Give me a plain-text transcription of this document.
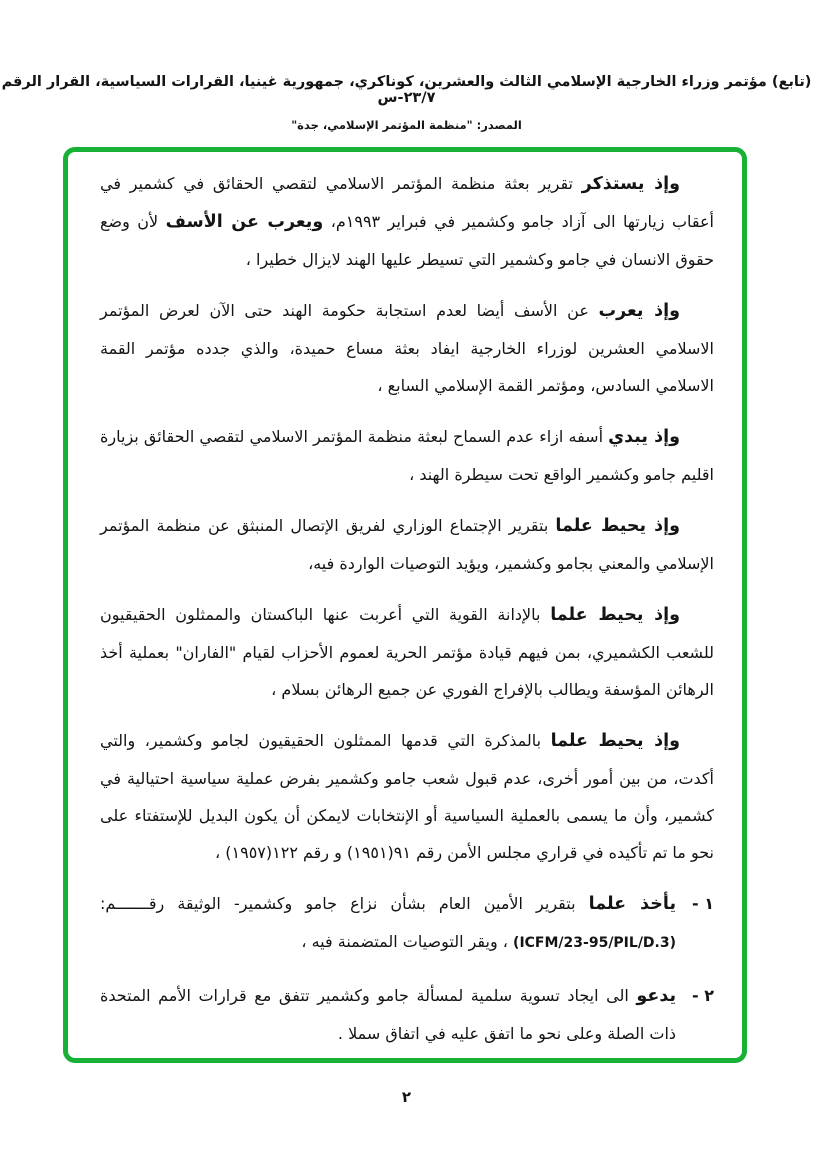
(تابع) مؤتمر وزراء الخارجية الإسلامي الثالث والعشرين، كوناكري، جمهورية غينيا، القرارات السياسية، القرار الرقم ٢٣/٧-س
المصدر: "منظمة المؤتمر الإسلامي، جدة"

وإذ يستذكر تقرير بعثة منظمة المؤتمر الاسلامي لتقصي الحقائق في كشمير في أعقاب زيارتها الى آزاد جامو وكشمير في فبراير ١٩٩٣م، ويعرب عن الأسف لأن وضع حقوق الانسان في جامو وكشمير التي تسيطر عليها الهند لايزال خطيرا ،

وإذ يعرب عن الأسف أيضا لعدم استجابة حكومة الهند حتى الآن لعرض المؤتمر الاسلامي العشرين لوزراء الخارجية ايفاد بعثة مساع حميدة، والذي جدده مؤتمر القمة الاسلامي السادس، ومؤتمر القمة الإسلامي السابع ،

وإذ يبدي أسفه ازاء عدم السماح لبعثة منظمة المؤتمر الاسلامي لتقصي الحقائق بزيارة اقليم جامو وكشمير الواقع تحت سيطرة الهند ،

وإذ يحيط علما بتقرير الإجتماع الوزاري لفريق الإتصال المنبثق عن منظمة المؤتمر الإسلامي والمعني بجامو وكشمير، ويؤيد التوصيات الواردة فيه،

وإذ يحيط علما بالإدانة القوية التي أعربت عنها الباكستان والممثلون الحقيقيون للشعب الكشميري، بمن فيهم قيادة مؤتمر الحرية لعموم الأحزاب لقيام "الفاران" بعملية أخذ الرهائن المؤسفة ويطالب بالإفراج الفوري عن جميع الرهائن بسلام ،

وإذ يحيط علما بالمذكرة التي قدمها الممثلون الحقيقيون لجامو وكشمير، والتي أكدت، من بين أمور أخرى، عدم قبول شعب جامو وكشمير بفرض عملية سياسية احتيالية في كشمير، وأن ما يسمى بالعملية السياسية أو الإنتخابات لايمكن أن يكون البديل للإستفتاء على نحو ما تم تأكيده في قراري مجلس الأمن رقم ٩١(١٩٥١) و رقم ١٢٢(١٩٥٧) ،

١ -

يأخذ علما بتقرير الأمين العام بشأن نزاع جامو وكشمير- الوثيقة رقـــــــم: (ICFM/23-95/PIL/D.3) ، ويقر التوصيات المتضمنة فيه ،

٢ -

يدعو الى ايجاد تسوية سلمية لمسألة جامو وكشمير تتفق مع قرارات الأمم المتحدة ذات الصلة وعلى نحو ما اتفق عليه في اتفاق سملا .

٢
